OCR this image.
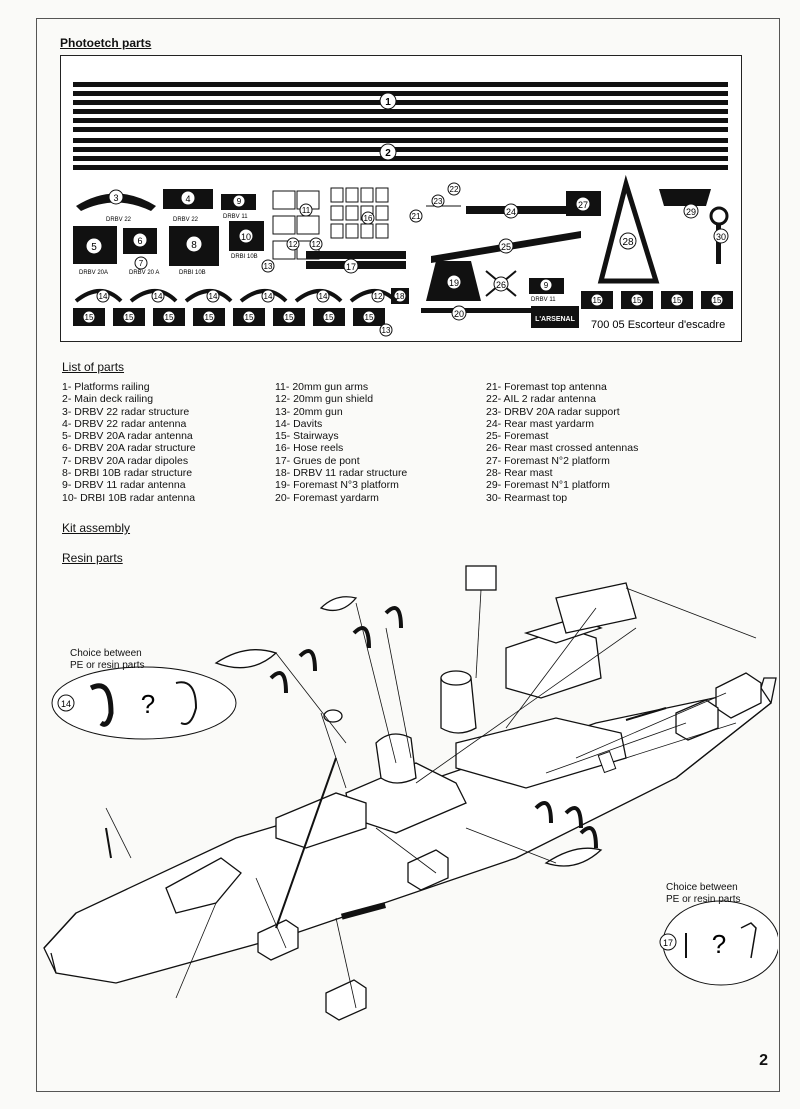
Photoetch parts
1
2
3
DRBV 22
4
DRBV 22
9
DRBV 11
5
DRBV 20A
6
7
DRBV 20 A
8
DRBI 10B
10
DRBI 10B
11
12 12
13
16
17
21
22
23
24
25
27
28
29
30
19	26
20
18
9
DRBV 11
14	14	14	14	14	12
15	15	15	15	15	15	15	15
15	15	15	15
13
L'ARSENAL 700 05 Escorteur d'escadre
List of parts
1- Platforms railing
2- Main deck railing
3- DRBV 22 radar structure
4- DRBV 22 radar antenna
5- DRBV 20A radar antenna
6- DRBV 20A radar structure
7- DRBV 20A radar dipoles
8- DRBI 10B radar structure
9- DRBV 11 radar antenna
10- DRBI 10B radar antenna
11- 20mm gun arms
12- 20mm gun shield
13- 20mm gun
14- Davits
15- Stairways
16- Hose reels
17- Grues de pont
18- DRBV 11 radar structure
19- Foremast N°3 platform
20- Foremast yardarm
21- Foremast top antenna
22- AIL 2 radar antenna
23- DRBV 20A radar support
24- Rear mast yardarm
25- Foremast
26- Rear mast crossed antennas
27- Foremast N°2 platform
28- Rear mast
29- Foremast N°1 platform
30- Rearmast top
Kit assembly
Resin parts
14	?
17 ?
Choice between
PE or resin parts
Choice between
PE or resin parts
2
